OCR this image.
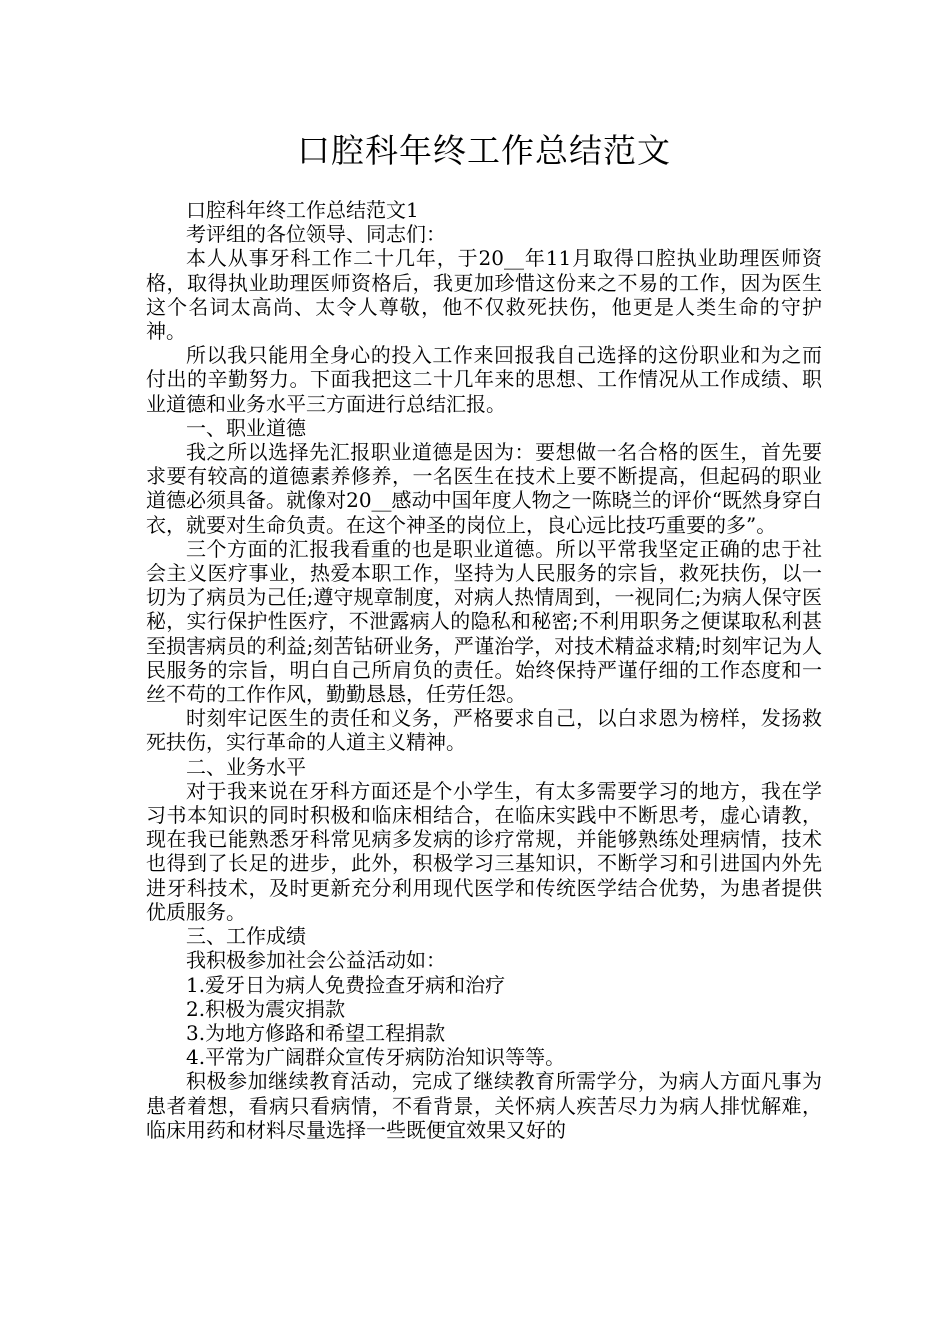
口腔科年终工作总结范文

口腔科年终工作总结范文1

考评组的各位领导、同志们：

本人从事牙科工作二十几年，于20__年11月取得口腔执业助理医师资格，取得执业助理医师资格后，我更加珍惜这份来之不易的工作，因为医生这个名词太高尚、太令人尊敬，他不仅救死扶伤，他更是人类生命的守护神。

所以我只能用全身心的投入工作来回报我自己选择的这份职业和为之而付出的辛勤努力。下面我把这二十几年来的思想、工作情况从工作成绩、职业道德和业务水平三方面进行总结汇报。

一、职业道德

我之所以选择先汇报职业道德是因为：要想做一名合格的医生，首先要求要有较高的道德素养修养，一名医生在技术上要不断提高，但起码的职业道德必须具备。就像对20__感动中国年度人物之一陈晓兰的评价“既然身穿白衣，就要对生命负责。在这个神圣的岗位上，良心远比技巧重要的多”。

三个方面的汇报我看重的也是职业道德。所以平常我坚定正确的忠于社会主义医疗事业，热爱本职工作，坚持为人民服务的宗旨，救死扶伤，以一切为了病员为己任;遵守规章制度，对病人热情周到，一视同仁;为病人保守医秘，实行保护性医疗，不泄露病人的隐私和秘密;不利用职务之便谋取私利甚至损害病员的利益;刻苦钻研业务，严谨治学，对技术精益求精;时刻牢记为人民服务的宗旨，明白自己所肩负的责任。始终保持严谨仔细的工作态度和一丝不苟的工作作风，勤勤恳恳，任劳任怨。

时刻牢记医生的责任和义务，严格要求自己，以白求恩为榜样，发扬救死扶伤，实行革命的人道主义精神。

二、业务水平

对于我来说在牙科方面还是个小学生，有太多需要学习的地方，我在学习书本知识的同时积极和临床相结合，在临床实践中不断思考，虚心请教，现在我已能熟悉牙科常见病多发病的诊疗常规，并能够熟练处理病情，技术也得到了长足的进步，此外，积极学习三基知识，不断学习和引进国内外先进牙科技术，及时更新充分利用现代医学和传统医学结合优势，为患者提供优质服务。

三、工作成绩

我积极参加社会公益活动如：

1.爱牙日为病人免费捡查牙病和治疗

2.积极为震灾捐款

3.为地方修路和希望工程捐款

4.平常为广阔群众宣传牙病防治知识等等。

积极参加继续教育活动，完成了继续教育所需学分，为病人方面凡事为患者着想，看病只看病情，不看背景，关怀病人疾苦尽力为病人排忧解难，临床用药和材料尽量选择一些既便宜效果又好的
